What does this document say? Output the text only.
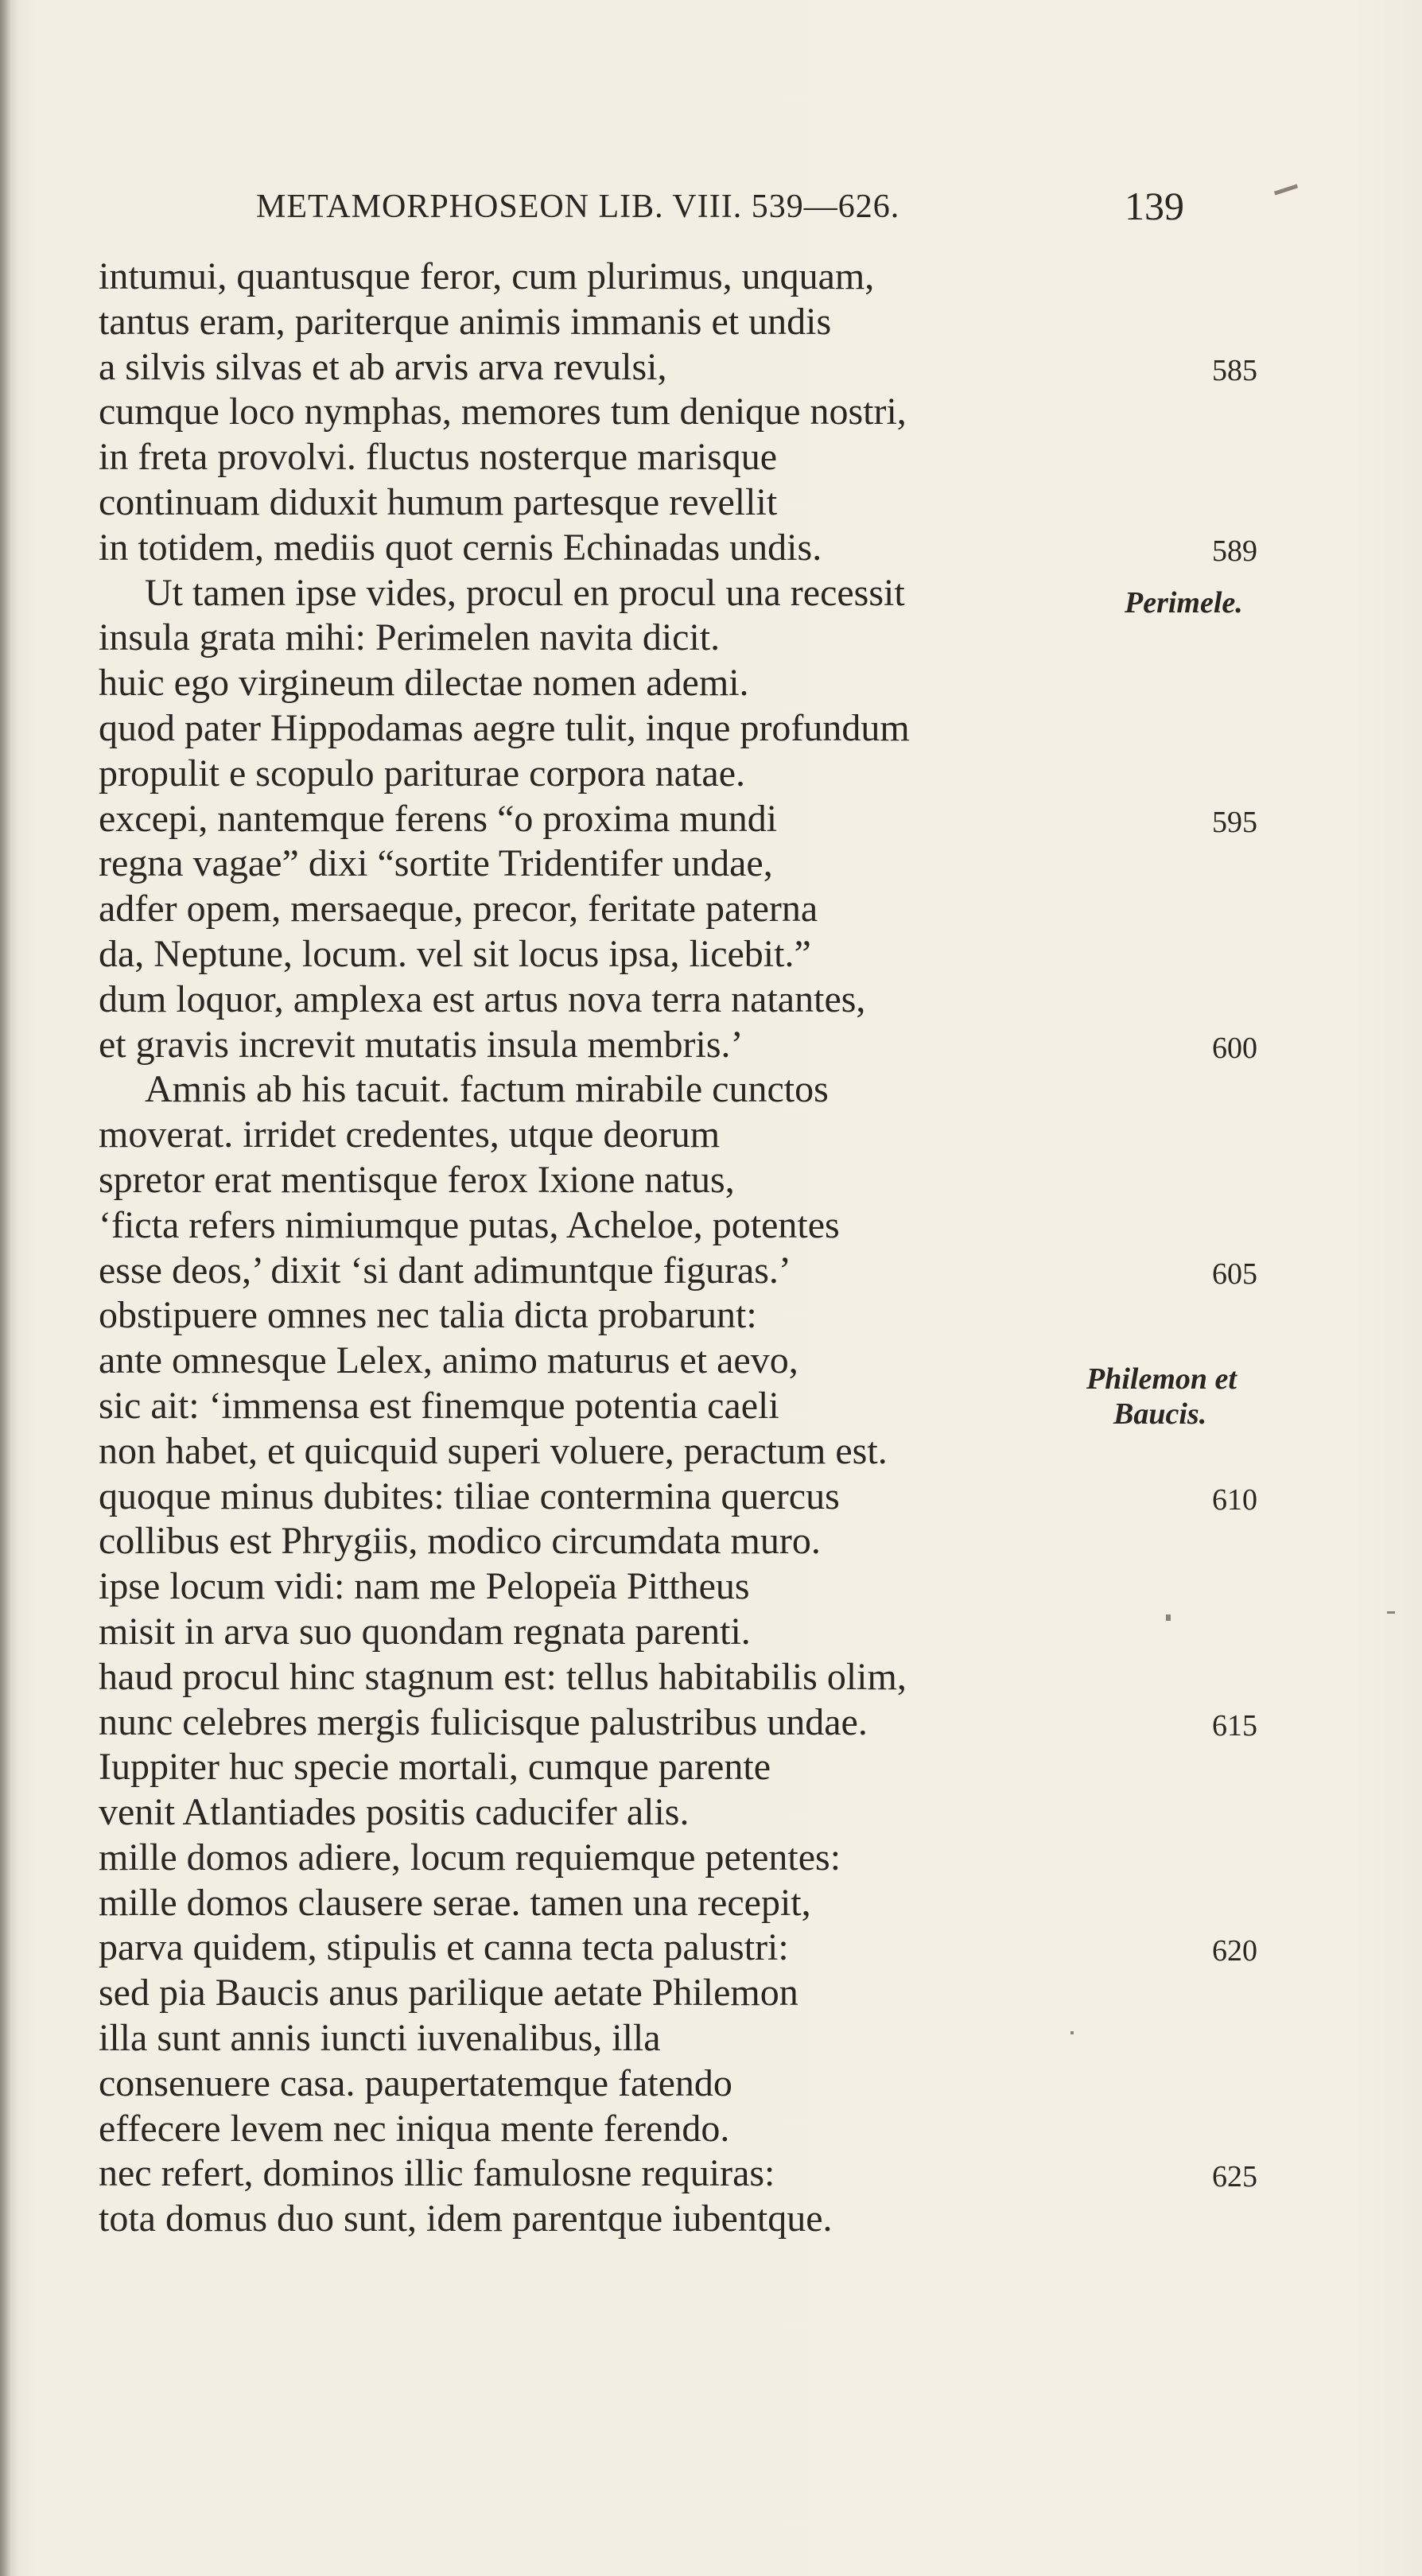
METAMORPHOSEON LIB. VIII. 539—626.	139
intumui, quantusque feror, cum plurimus, unquam,
tantus eram, pariterque animis immanis et undis
a silvis silvas et ab arvis arva revulsi,	585
cumque loco nymphas, memores tum denique nostri,
in freta provolvi. fluctus nosterque marisque
continuam diduxit humum partesque revellit
in totidem, mediis quot cernis Echinadas undis.	589
Ut tamen ipse vides, procul en procul una recessit
insula grata mihi: Perimelen navita dicit.
huic ego virgineum dilectae nomen ademi.
quod pater Hippodamas aegre tulit, inque profundum
propulit e scopulo pariturae corpora natae.
excepi, nantemque ferens “o proxima mundi	595
regna vagae” dixi “sortite Tridentifer undae,
adfer opem, mersaeque, precor, feritate paterna
da, Neptune, locum. vel sit locus ipsa, licebit.”
dum loquor, amplexa est artus nova terra natantes,
et gravis increvit mutatis insula membris.’	600
Amnis ab his tacuit. factum mirabile cunctos
moverat. irridet credentes, utque deorum
spretor erat mentisque ferox Ixione natus,
‘ficta refers nimiumque putas, Acheloe, potentes
esse deos,’ dixit ‘si dant adimuntque figuras.’	605
obstipuere omnes nec talia dicta probarunt:
ante omnesque Lelex, animo maturus et aevo,
sic ait: ‘immensa est finemque potentia caeli
non habet, et quicquid superi voluere, peractum est.
quoque minus dubites: tiliae contermina quercus	610
collibus est Phrygiis, modico circumdata muro.
ipse locum vidi: nam me Pelopeïa Pittheus
misit in arva suo quondam regnata parenti.
haud procul hinc stagnum est: tellus habitabilis olim,
nunc celebres mergis fulicisque palustribus undae.	615
Iuppiter huc specie mortali, cumque parente
venit Atlantiades positis caducifer alis.
mille domos adiere, locum requiemque petentes:
mille domos clausere serae. tamen una recepit,
parva quidem, stipulis et canna tecta palustri:	620
sed pia Baucis anus parilique aetate Philemon
illa sunt annis iuncti iuvenalibus, illa
consenuere casa. paupertatemque fatendo
effecere levem nec iniqua mente ferendo.
nec refert, dominos illic famulosne requiras:	625
tota domus duo sunt, idem parentque iubentque.
Perimele.
Philemon et
Baucis.
